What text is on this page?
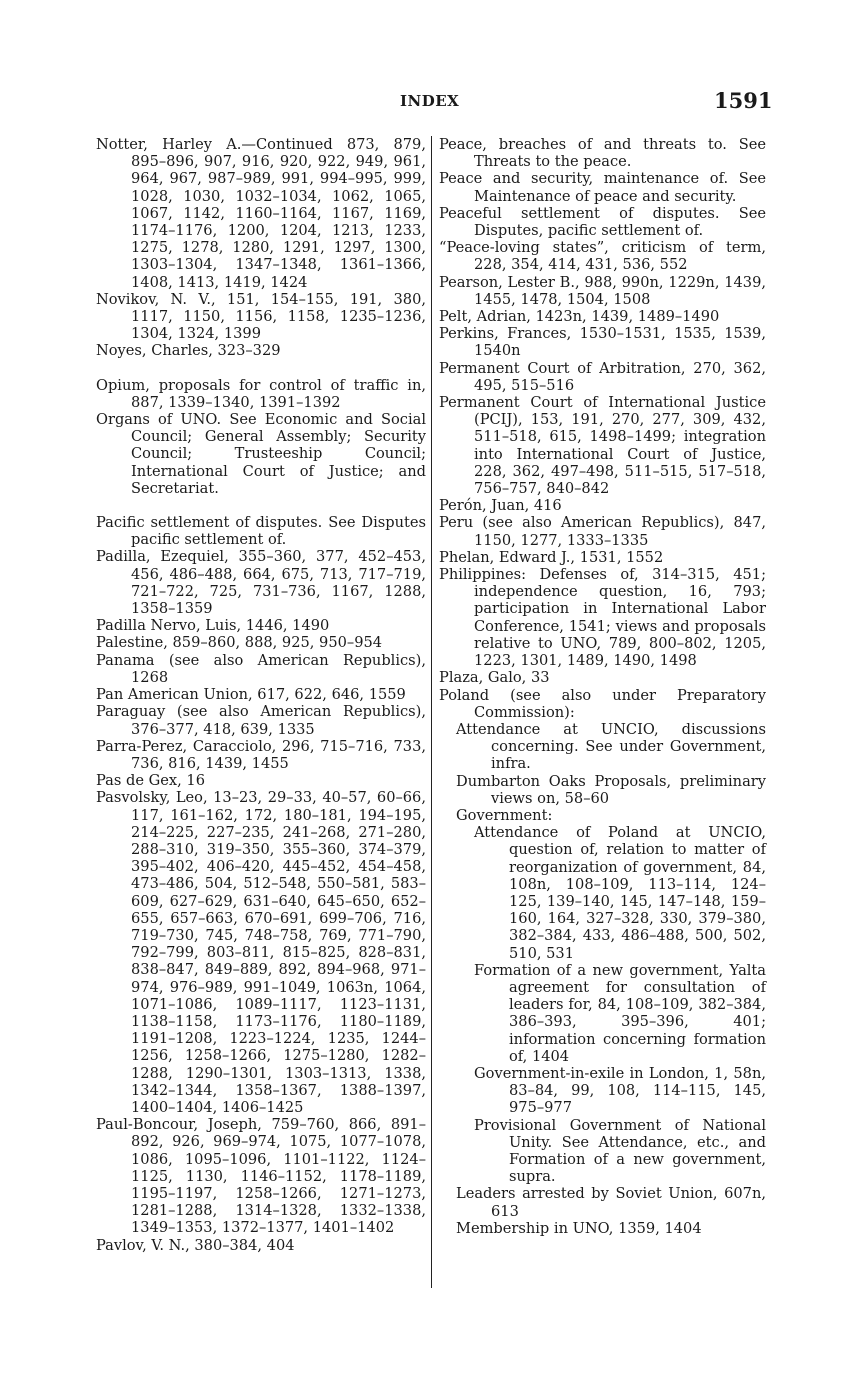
INDEX	1591

Notter, Harley A.—Continued 873, 879, 895–896, 907, 916, 920, 922, 949, 961, 964, 967, 987–989, 991, 994–995, 999, 1028, 1030, 1032–1034, 1062, 1065, 1067, 1142, 1160–1164, 1167, 1169, 1174–1176, 1200, 1204, 1213, 1233, 1275, 1278, 1280, 1291, 1297, 1300, 1303–1304, 1347–1348, 1361–1366, 1408, 1413, 1419, 1424

Novikov, N. V., 151, 154–155, 191, 380, 1117, 1150, 1156, 1158, 1235–1236, 1304, 1324, 1399

Noyes, Charles, 323–329

Opium, proposals for control of traffic in, 887, 1339–1340, 1391–1392

Organs of UNO. See Economic and Social Council; General Assembly; Security Council; Trusteeship Council; International Court of Justice; and Secretariat.

Pacific settlement of disputes. See Disputes pacific settlement of.

Padilla, Ezequiel, 355–360, 377, 452–453, 456, 486–488, 664, 675, 713, 717–719, 721–722, 725, 731–736, 1167, 1288, 1358–1359

Padilla Nervo, Luis, 1446, 1490

Palestine, 859–860, 888, 925, 950–954

Panama (see also American Republics), 1268

Pan American Union, 617, 622, 646, 1559

Paraguay (see also American Republics), 376–377, 418, 639, 1335

Parra-Perez, Caracciolo, 296, 715–716, 733, 736, 816, 1439, 1455

Pas de Gex, 16

Pasvolsky, Leo, 13–23, 29–33, 40–57, 60–66, 117, 161–162, 172, 180–181, 194–195, 214–225, 227–235, 241–268, 271–280, 288–310, 319–350, 355–360, 374–379, 395–402, 406–420, 445–452, 454–458, 473–486, 504, 512–548, 550–581, 583–609, 627–629, 631–640, 645–650, 652–655, 657–663, 670–691, 699–706, 716, 719–730, 745, 748–758, 769, 771–790, 792–799, 803–811, 815–825, 828–831, 838–847, 849–889, 892, 894–968, 971–974, 976–989, 991–1049, 1063n, 1064, 1071–1086, 1089–1117, 1123–1131, 1138–1158, 1173–1176, 1180–1189, 1191–1208, 1223–1224, 1235, 1244–1256, 1258–1266, 1275–1280, 1282–1288, 1290–1301, 1303–1313, 1338, 1342–1344, 1358–1367, 1388–1397, 1400–1404, 1406–1425

Paul-Boncour, Joseph, 759–760, 866, 891–892, 926, 969–974, 1075, 1077–1078, 1086, 1095–1096, 1101–1122, 1124–1125, 1130, 1146–1152, 1178–1189, 1195–1197, 1258–1266, 1271–1273, 1281–1288, 1314–1328, 1332–1338, 1349–1353, 1372–1377, 1401–1402

Pavlov, V. N., 380–384, 404

Peace, breaches of and threats to. See Threats to the peace.

Peace and security, maintenance of. See Maintenance of peace and security.

Peaceful settlement of disputes. See Disputes, pacific settlement of.

“Peace-loving states”, criticism of term, 228, 354, 414, 431, 536, 552

Pearson, Lester B., 988, 990n, 1229n, 1439, 1455, 1478, 1504, 1508

Pelt, Adrian, 1423n, 1439, 1489–1490

Perkins, Frances, 1530–1531, 1535, 1539, 1540n

Permanent Court of Arbitration, 270, 362, 495, 515–516

Permanent Court of International Justice (PCIJ), 153, 191, 270, 277, 309, 432, 511–518, 615, 1498–1499; integration into International Court of Justice, 228, 362, 497–498, 511–515, 517–518, 756–757, 840–842

Perón, Juan, 416

Peru (see also American Republics), 847, 1150, 1277, 1333–1335

Phelan, Edward J., 1531, 1552

Philippines: Defenses of, 314–315, 451; independence question, 16, 793; participation in International Labor Conference, 1541; views and proposals relative to UNO, 789, 800–802, 1205, 1223, 1301, 1489, 1490, 1498

Plaza, Galo, 33

Poland (see also under Preparatory Commission):

Attendance at UNCIO, discussions concerning. See under Government, infra.

Dumbarton Oaks Proposals, preliminary views on, 58–60

Government:

Attendance of Poland at UNCIO, question of, relation to matter of reorganization of government, 84, 108n, 108–109, 113–114, 124–125, 139–140, 145, 147–148, 159–160, 164, 327–328, 330, 379–380, 382–384, 433, 486–488, 500, 502, 510, 531

Formation of a new government, Yalta agreement for consultation of leaders for, 84, 108–109, 382–384, 386–393, 395–396, 401; information concerning formation of, 1404

Government-in-exile in London, 1, 58n, 83–84, 99, 108, 114–115, 145, 975–977

Provisional Government of National Unity. See Attendance, etc., and Formation of a new government, supra.

Leaders arrested by Soviet Union, 607n, 613

Membership in UNO, 1359, 1404
